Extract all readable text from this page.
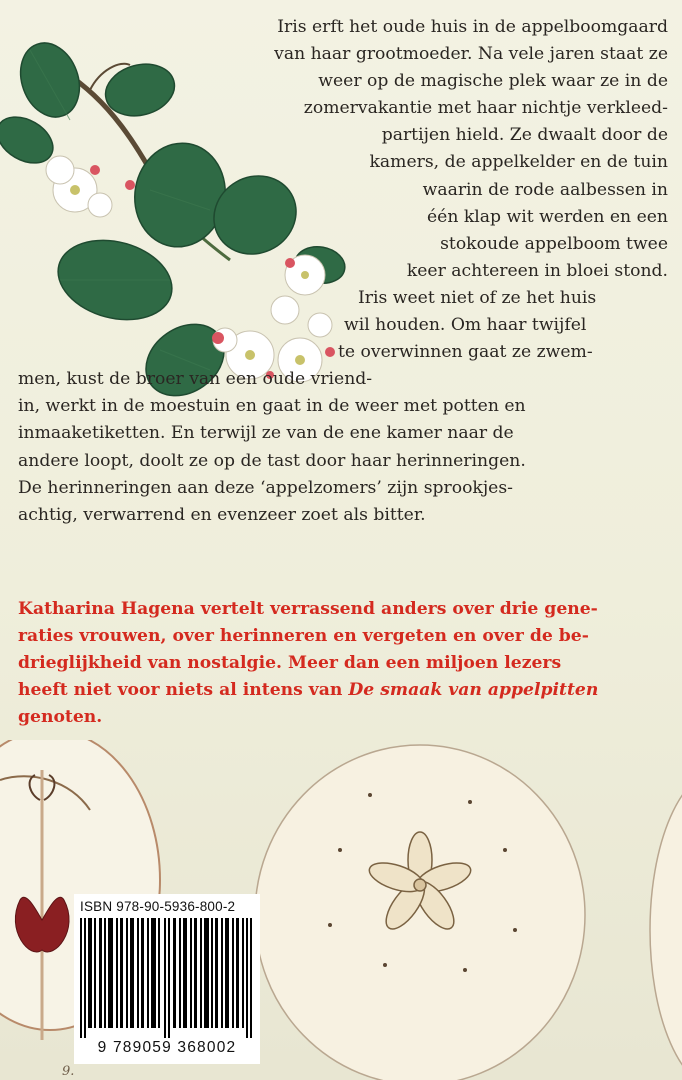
Iris erft het oude huis in de appelboomgaard
van haar grootmoeder. Na vele jaren staat ze
weer op de magische plek waar ze in de
zomervakantie met haar nichtje verkleed-
partijen hield. Ze dwaalt door de
kamers, de appelkelder en de tuin
waarin de rode aalbessen in
één klap wit werden en een
stokoude appelboom twee
keer achtereen in bloei stond.
Iris weet niet of ze het huis
wil houden. Om haar twijfel
te overwinnen gaat ze zwem-
men, kust de broer van een oude vriend-
in, werkt in de moestuin en gaat in de weer met potten en
inmaaketiketten. En terwijl ze van de ene kamer naar de
andere loopt, doolt ze op de tast door haar herinneringen.
De herinneringen aan deze ‘appelzomers’ zijn sprookjes-
achtig, verwarrend en evenzeer zoet als bitter.
Katharina Hagena vertelt verrassend anders over drie gene-
raties vrouwen, over herinneren en vergeten en over de be-
drieglijkheid van nostalgie. Meer dan een miljoen lezers
heeft niet voor niets al intens van De smaak van appelpitten
genoten.
ISBN 978-90-5936-800-2
9 789059 368002
9.
